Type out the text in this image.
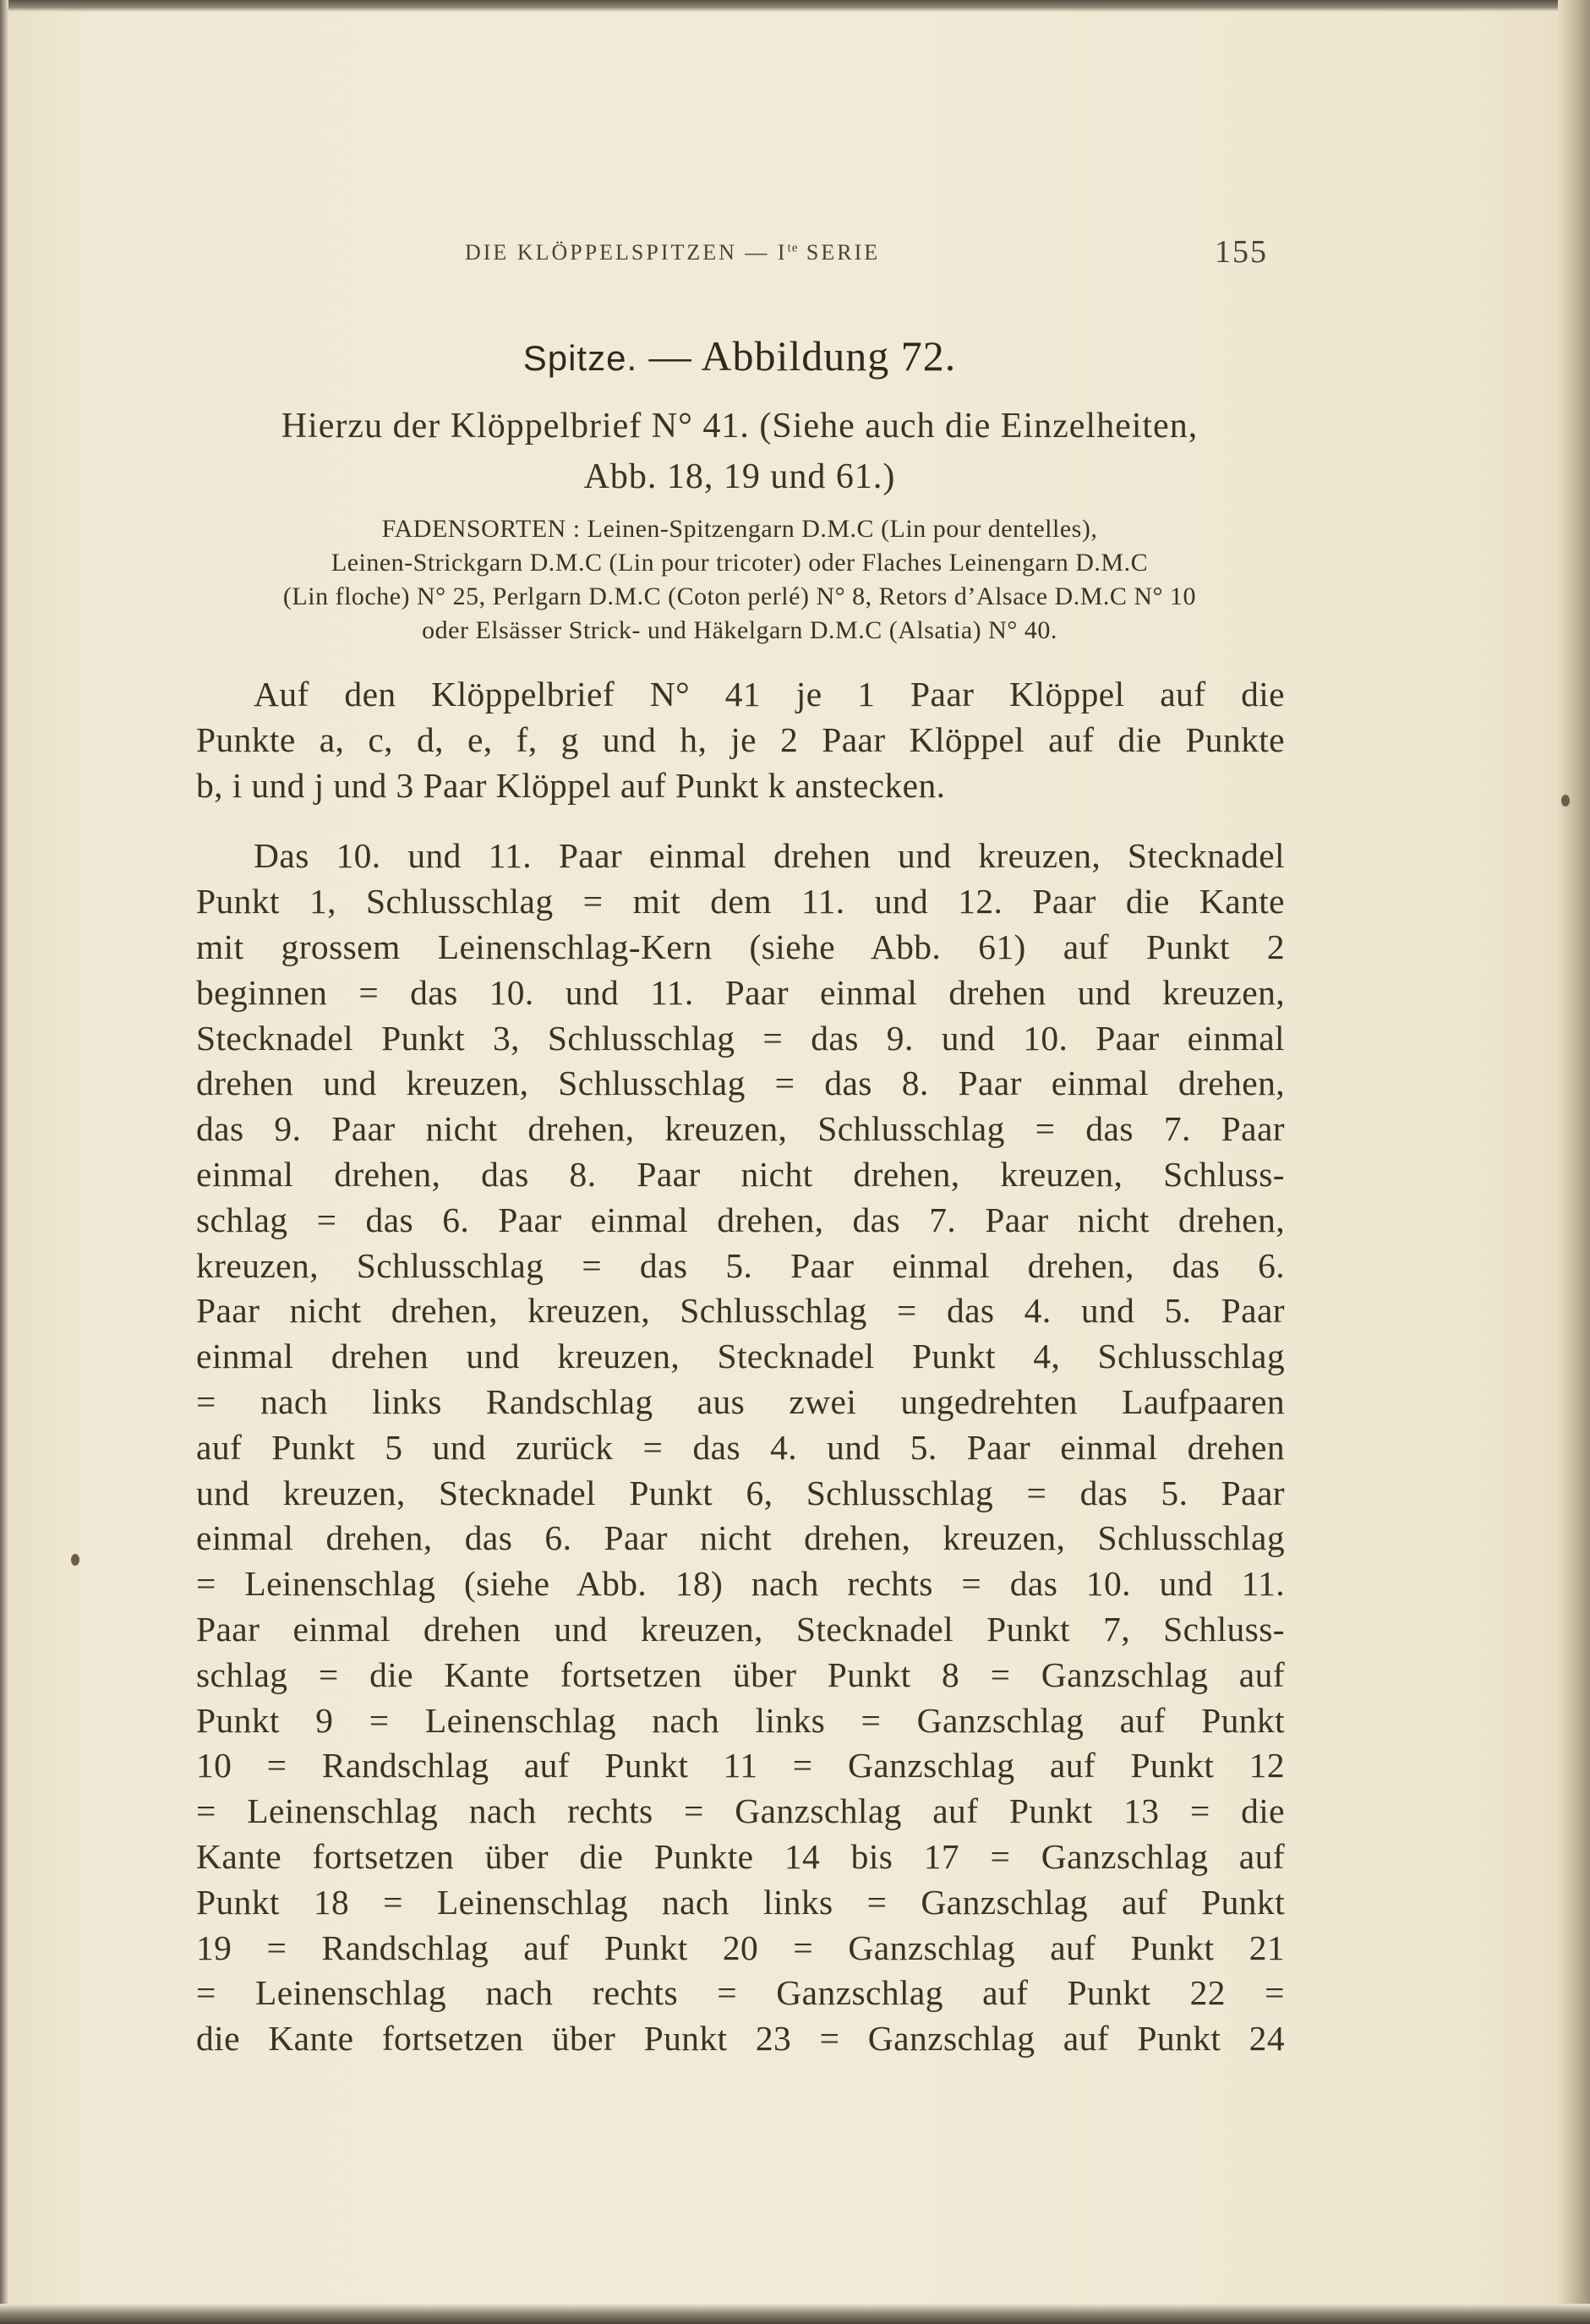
DIE KLÖPPELSPITZEN — $I^{te}$ SERIE	155
Spitze. — Abbildung 72.
Hierzu der Klöppelbrief N° 41. (Siehe auch die Einzelheiten,
Abb. 18, 19 und 61.)
FADENSORTEN : Leinen-Spitzengarn D.M.C (Lin pour dentelles),
Leinen-Strickgarn D.M.C (Lin pour tricoter) oder Flaches Leinengarn D.M.C
(Lin floche) N° 25, Perlgarn D.M.C (Coton perlé) N° 8, Retors d’Alsace D.M.C N° 10
oder Elsässer Strick- und Häkelgarn D.M.C (Alsatia) N° 40.
Auf den Klöppelbrief N° 41 je 1 Paar Klöppel auf die
Punkte a, c, d, e, f, g und h, je 2 Paar Klöppel auf die Punkte
b, i und j und 3 Paar Klöppel auf Punkt k anstecken.
Das 10. und 11. Paar einmal drehen und kreuzen, Stecknadel
Punkt 1, Schlusschlag = mit dem 11. und 12. Paar die Kante
mit grossem Leinenschlag-Kern (siehe Abb. 61) auf Punkt 2
beginnen = das 10. und 11. Paar einmal drehen und kreuzen,
Stecknadel Punkt 3, Schlusschlag = das 9. und 10. Paar einmal
drehen und kreuzen, Schlusschlag = das 8. Paar einmal drehen,
das 9. Paar nicht drehen, kreuzen, Schlusschlag = das 7. Paar
einmal drehen, das 8. Paar nicht drehen, kreuzen, Schluss-
schlag = das 6. Paar einmal drehen, das 7. Paar nicht drehen,
kreuzen, Schlusschlag = das 5. Paar einmal drehen, das 6.
Paar nicht drehen, kreuzen, Schlusschlag = das 4. und 5. Paar
einmal drehen und kreuzen, Stecknadel Punkt 4, Schlusschlag
= nach links Randschlag aus zwei ungedrehten Laufpaaren
auf Punkt 5 und zurück = das 4. und 5. Paar einmal drehen
und kreuzen, Stecknadel Punkt 6, Schlusschlag = das 5. Paar
einmal drehen, das 6. Paar nicht drehen, kreuzen, Schlusschlag
= Leinenschlag (siehe Abb. 18) nach rechts = das 10. und 11.
Paar einmal drehen und kreuzen, Stecknadel Punkt 7, Schluss-
schlag = die Kante fortsetzen über Punkt 8 = Ganzschlag auf
Punkt 9 = Leinenschlag nach links = Ganzschlag auf Punkt
10 = Randschlag auf Punkt 11 = Ganzschlag auf Punkt 12
= Leinenschlag nach rechts = Ganzschlag auf Punkt 13 = die
Kante fortsetzen über die Punkte 14 bis 17 = Ganzschlag auf
Punkt 18 = Leinenschlag nach links = Ganzschlag auf Punkt
19 = Randschlag auf Punkt 20 = Ganzschlag auf Punkt 21
= Leinenschlag nach rechts = Ganzschlag auf Punkt 22 =
die Kante fortsetzen über Punkt 23 = Ganzschlag auf Punkt 24
